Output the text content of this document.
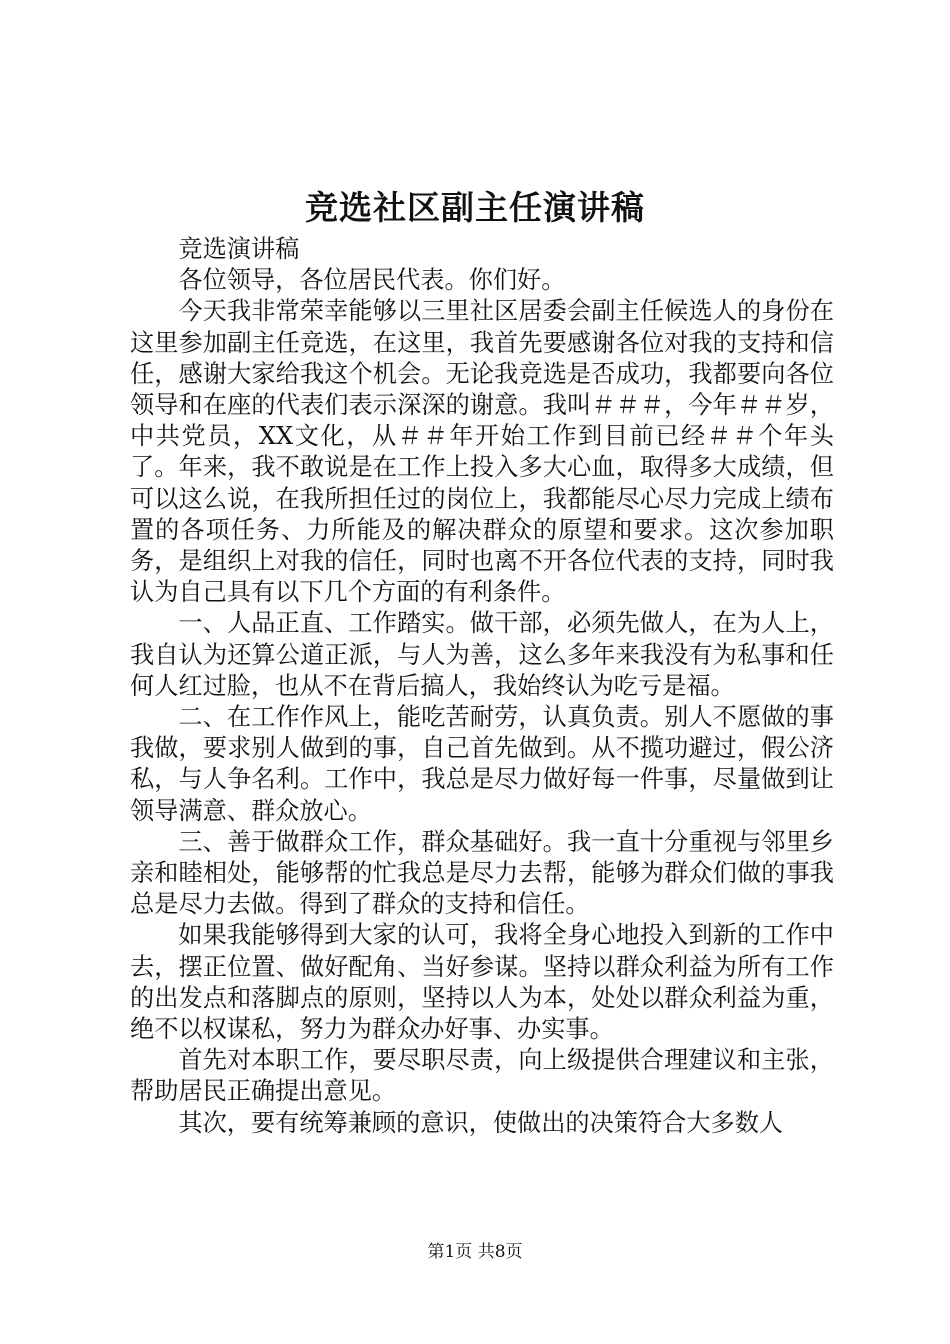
竞选社区副主任演讲稿

竞选演讲稿

各位领导，各位居民代表。你们好。

今天我非常荣幸能够以三里社区居委会副主任候选人的身份在这里参加副主任竞选，在这里，我首先要感谢各位对我的支持和信任，感谢大家给我这个机会。无论我竞选是否成功，我都要向各位领导和在座的代表们表示深深的谢意。我叫＃＃＃，今年＃＃岁，中共党员，XX文化，从＃＃年开始工作到目前已经＃＃个年头了。年来，我不敢说是在工作上投入多大心血，取得多大成绩，但可以这么说，在我所担任过的岗位上，我都能尽心尽力完成上绩布置的各项任务、力所能及的解决群众的原望和要求。这次参加职务，是组织上对我的信任，同时也离不开各位代表的支持，同时我认为自己具有以下几个方面的有利条件。

一、人品正直、工作踏实。做干部，必须先做人，在为人上，我自认为还算公道正派，与人为善，这么多年来我没有为私事和任何人红过脸，也从不在背后搞人，我始终认为吃亏是福。

二、在工作作风上，能吃苦耐劳，认真负责。别人不愿做的事我做，要求别人做到的事，自己首先做到。从不揽功避过，假公济私，与人争名利。工作中，我总是尽力做好每一件事，尽量做到让领导满意、群众放心。

三、善于做群众工作，群众基础好。我一直十分重视与邻里乡亲和睦相处，能够帮的忙我总是尽力去帮，能够为群众们做的事我总是尽力去做。得到了群众的支持和信任。

如果我能够得到大家的认可，我将全身心地投入到新的工作中去，摆正位置、做好配角、当好参谋。坚持以群众利益为所有工作的出发点和落脚点的原则，坚持以人为本，处处以群众利益为重，绝不以权谋私，努力为群众办好事、办实事。

首先对本职工作，要尽职尽责，向上级提供合理建议和主张，帮助居民正确提出意见。

其次，要有统筹兼顾的意识，使做出的决策符合大多数人

第1页 共8页
